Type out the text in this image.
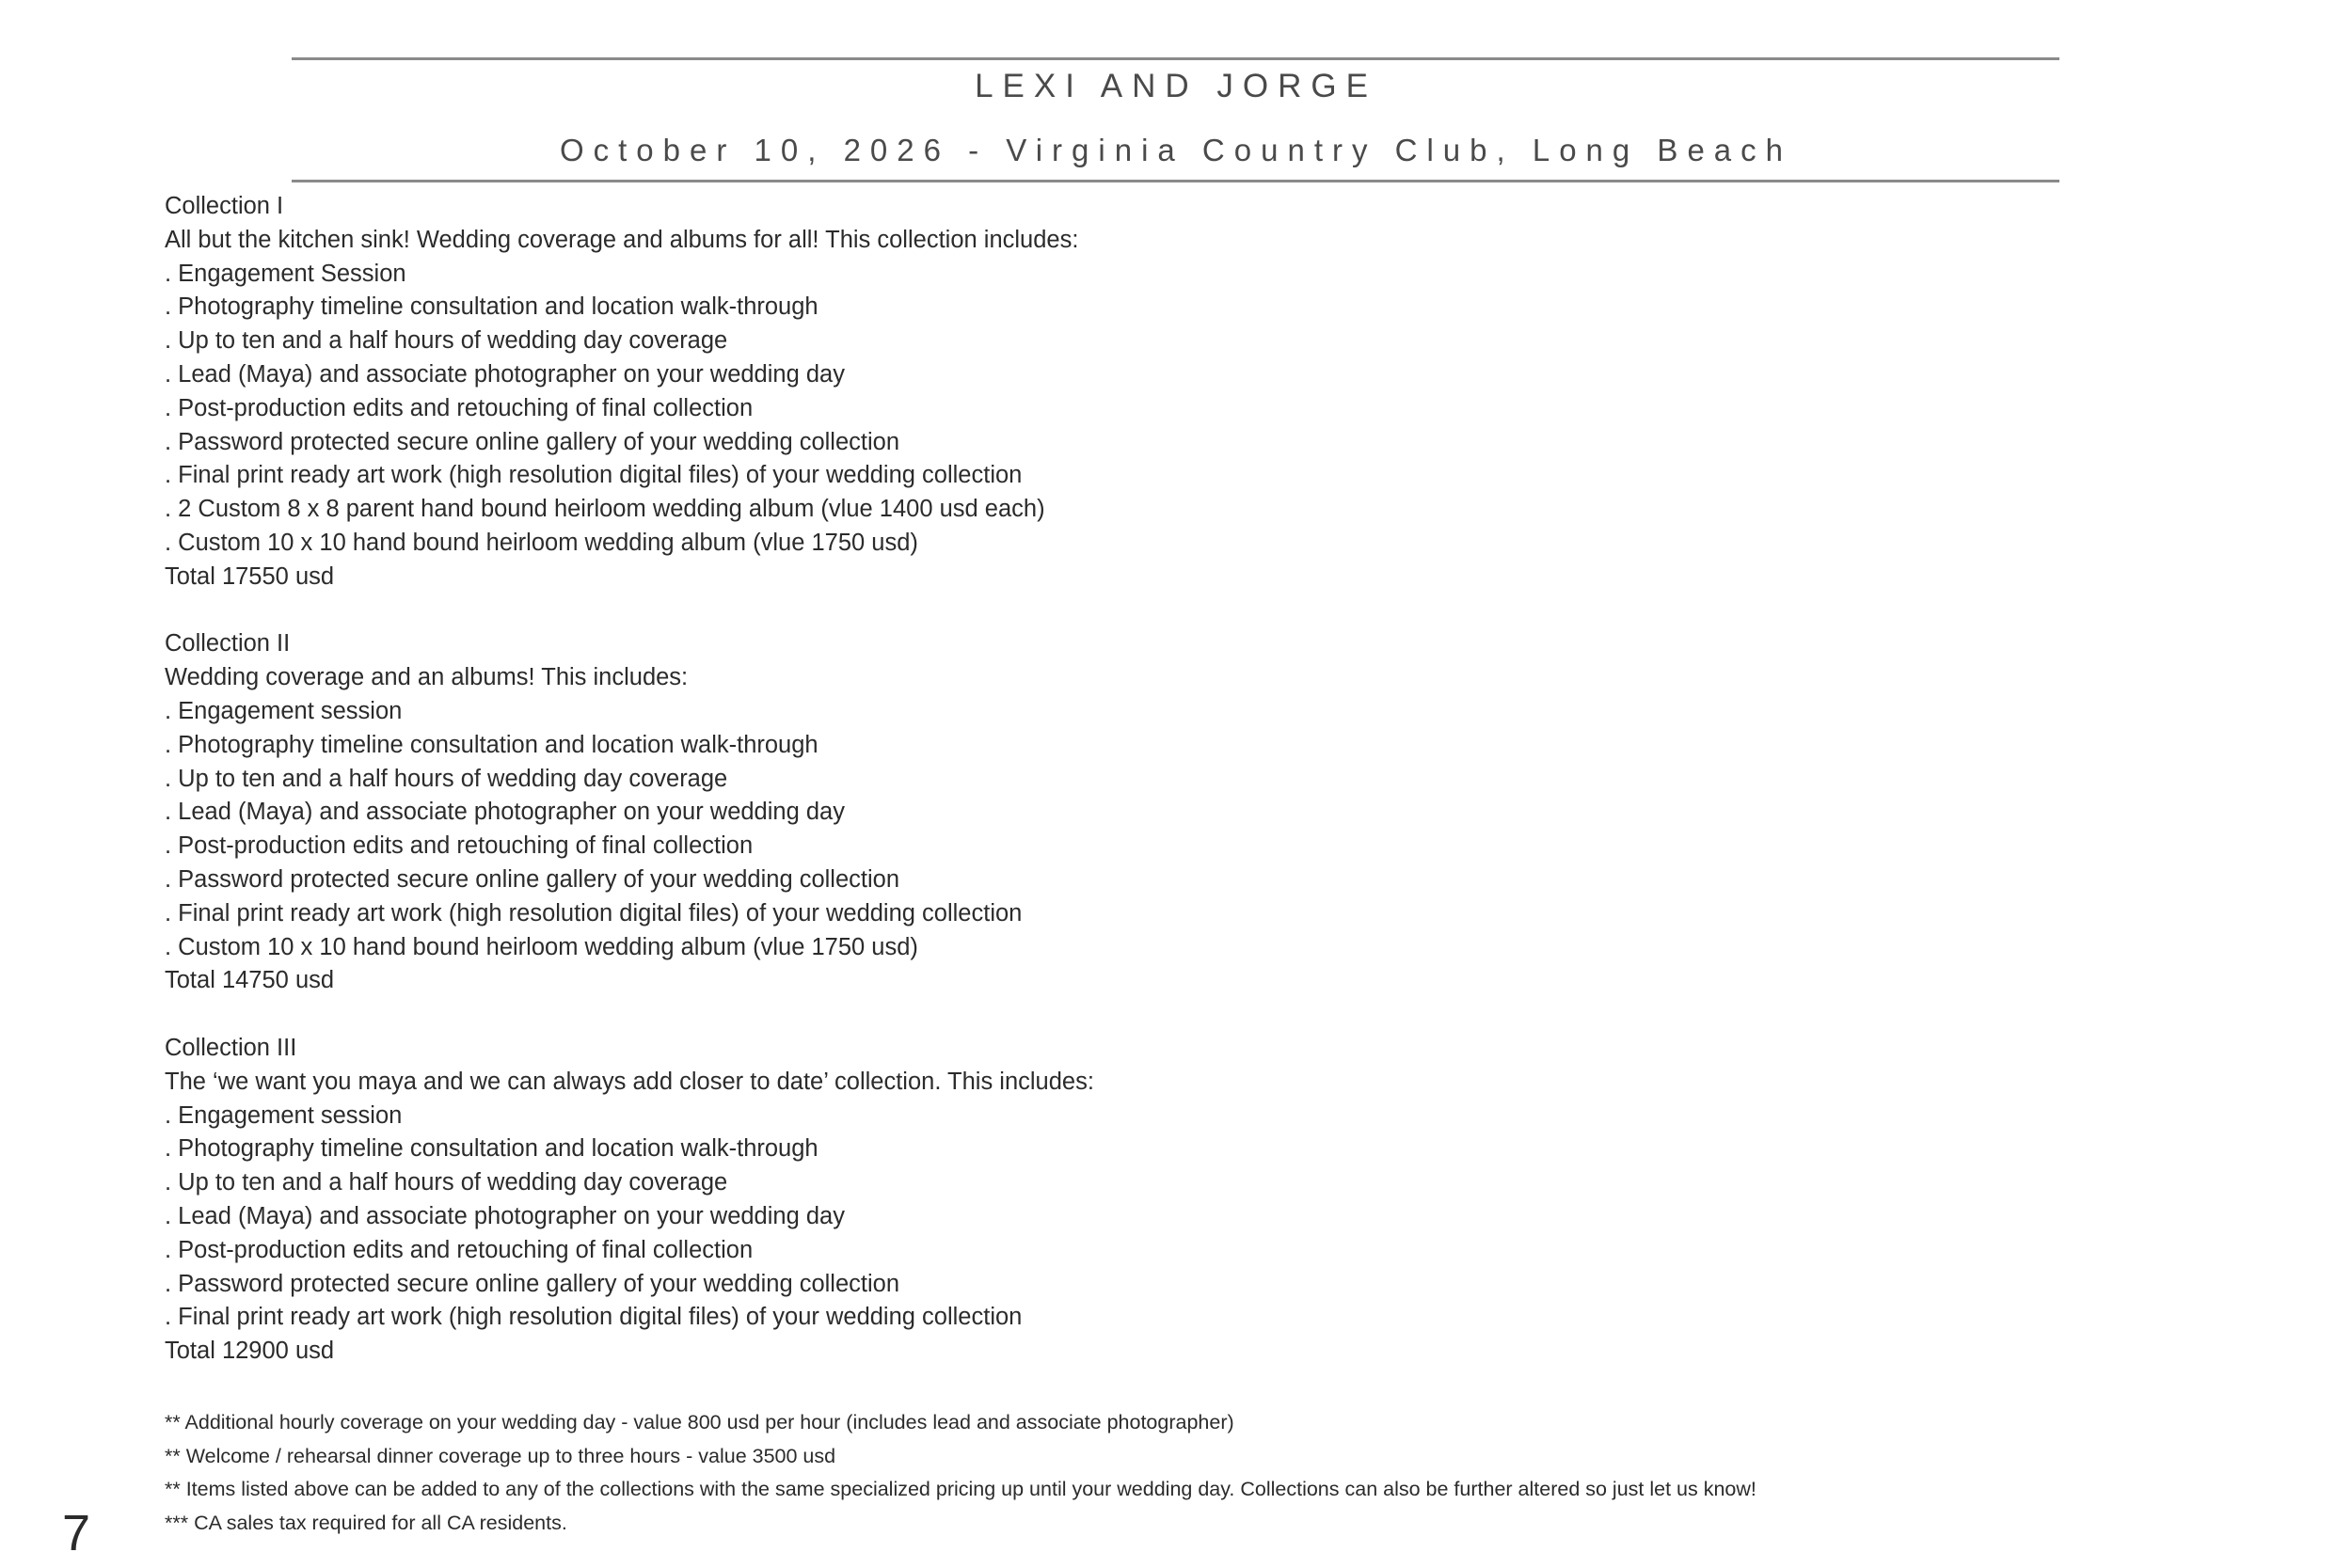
LEXI AND JORGE
October 10, 2026 - Virginia Country Club, Long Beach
Collection I
All but the kitchen sink! Wedding coverage and albums for all! This collection includes:
. Engagement Session
. Photography timeline consultation and location walk-through
. Up to ten and a half hours of wedding day coverage
. Lead (Maya) and associate photographer on your wedding day
. Post-production edits and retouching of final collection
. Password protected secure online gallery of your wedding collection
. Final print ready art work (high resolution digital files) of your wedding collection
. 2 Custom 8 x 8 parent hand bound heirloom wedding album (vlue 1400 usd each)
. Custom 10 x 10 hand bound heirloom wedding album (vlue 1750 usd)
Total 17550 usd
Collection II
Wedding coverage and an albums! This includes:
. Engagement session
. Photography timeline consultation and location walk-through
. Up to ten and a half hours of wedding day coverage
. Lead (Maya) and associate photographer on your wedding day
. Post-production edits and retouching of final collection
. Password protected secure online gallery of your wedding collection
. Final print ready art work (high resolution digital files) of your wedding collection
. Custom 10 x 10 hand bound heirloom wedding album (vlue 1750 usd)
Total 14750 usd
Collection III
The ‘we want you maya and we can always add closer to date’ collection. This includes:
. Engagement session
. Photography timeline consultation and location walk-through
. Up to ten and a half hours of wedding day coverage
. Lead (Maya) and associate photographer on your wedding day
. Post-production edits and retouching of final collection
. Password protected secure online gallery of your wedding collection
. Final print ready art work (high resolution digital files) of your wedding collection
Total 12900 usd
** Additional hourly coverage on your wedding day - value 800 usd per hour (includes lead and associate photographer)
** Welcome / rehearsal dinner coverage up to three hours - value 3500 usd
** Items listed above can be added to any of the collections with the same specialized pricing up until your wedding day. Collections can also be further altered so just let us know!
*** CA sales tax required for all CA residents.
7
